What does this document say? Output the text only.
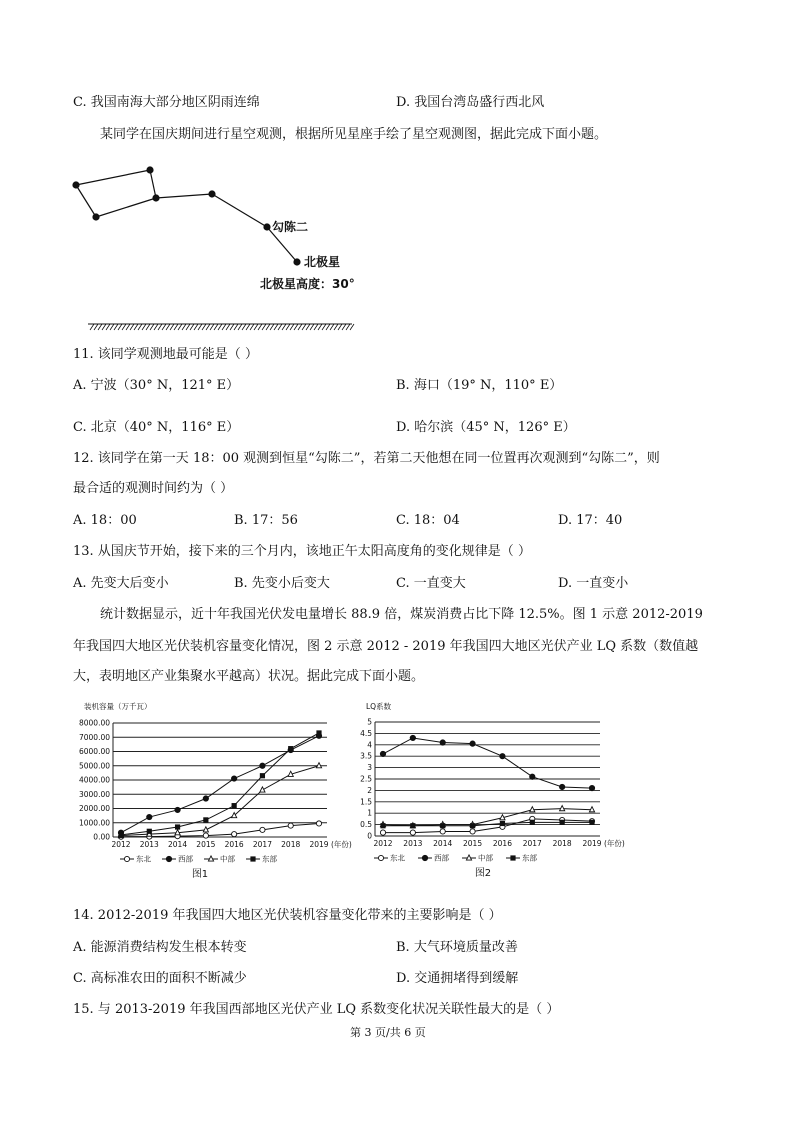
C. 我国南海大部分地区阴雨连绵	D. 我国台湾岛盛行西北风
某同学在国庆期间进行星空观测，根据所见星座手绘了星空观测图，据此完成下面小题。
勾陈二
北极星
北极星高度：30°
11. 该同学观测地最可能是（ ）
A. 宁波（30° N，121° E）	B. 海口（19° N，110° E）
C. 北京（40° N，116° E）	D. 哈尔滨（45° N，126° E）
12. 该同学在第一天 18：00 观测到恒星“勾陈二”，若第二天他想在同一位置再次观测到“勾陈二”，则
最合适的观测时间约为（ ）
A. 18：00	B. 17：56	C. 18：04	D. 17：40
13. 从国庆节开始，接下来的三个月内，该地正午太阳高度角的变化规律是（ ）
A. 先变大后变小	B. 先变小后变大	C. 一直变大	D. 一直变小
统计数据显示，近十年我国光伏发电量增长 88.9 倍，煤炭消费占比下降 12.5%。图 1 示意 2012-2019
年我国四大地区光伏装机容量变化情况，图 2 示意 2012 - 2019 年我国四大地区光伏产业 LQ 系数（数值越
大，表明地区产业集聚水平越高）状况。据此完成下面小题。
装机容量（万千瓦）
0.00
1000.00
2000.00
3000.00
4000.00
5000.00
6000.00
7000.00
8000.00
2012 2013 2014 2015 2016 2017 2018 2019 (年份)
东北	西部	中部	东部
图1
LQ系数
0
0.5
1
1.5
2
2.5
3
3.5
4
4.5
5
2012 2013 2014 2015 2016 2017 2018 2019 (年份)
东北	西部	中部	东部
图2
14. 2012-2019 年我国四大地区光伏装机容量变化带来的主要影响是（ ）
A. 能源消费结构发生根本转变	B. 大气环境质量改善
C. 高标准农田的面积不断减少	D. 交通拥堵得到缓解
15. 与 2013-2019 年我国西部地区光伏产业 LQ 系数变化状况关联性最大的是（ ）
第 3 页/共 6 页
